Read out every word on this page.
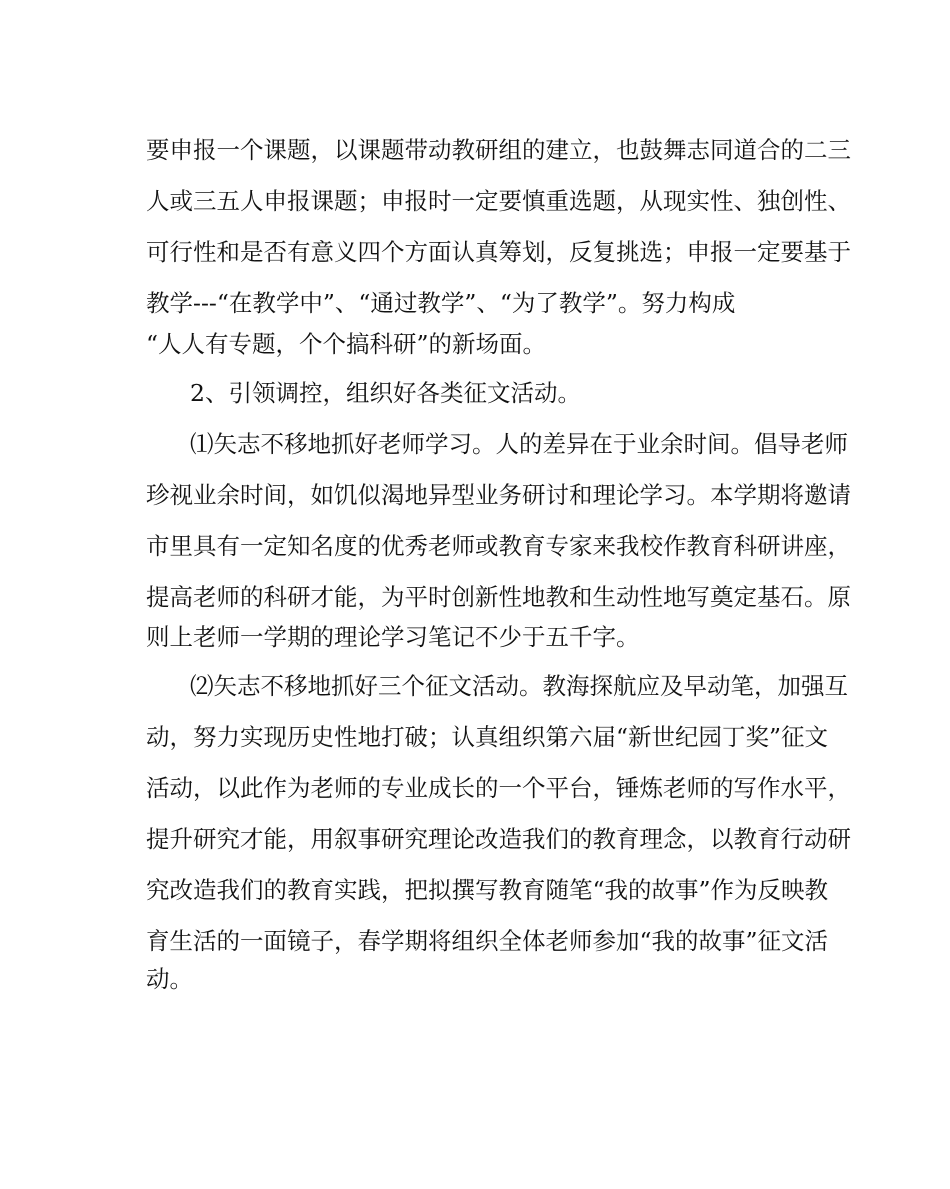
要申报一个课题，以课题带动教研组的建立，也鼓舞志同道合的二三

人或三五人申报课题；申报时一定要慎重选题，从现实性、独创性、

可行性和是否有意义四个方面认真筹划，反复挑选；申报一定要基于

教学---“在教学中”、“通过教学”、“为了教学”。努力构成

“人人有专题，个个搞科研”的新场面。

2、引领调控，组织好各类征文活动。

⑴矢志不移地抓好老师学习。人的差异在于业余时间。倡导老师

珍视业余时间，如饥似渴地异型业务研讨和理论学习。本学期将邀请

市里具有一定知名度的优秀老师或教育专家来我校作教育科研讲座，

提高老师的科研才能，为平时创新性地教和生动性地写奠定基石。原

则上老师一学期的理论学习笔记不少于五千字。

⑵矢志不移地抓好三个征文活动。教海探航应及早动笔，加强互

动，努力实现历史性地打破；认真组织第六届“新世纪园丁奖”征文

活动，以此作为老师的专业成长的一个平台，锤炼老师的写作水平，

提升研究才能，用叙事研究理论改造我们的教育理念，以教育行动研

究改造我们的教育实践，把拟撰写教育随笔“我的故事”作为反映教

育生活的一面镜子，春学期将组织全体老师参加“我的故事”征文活

动。
